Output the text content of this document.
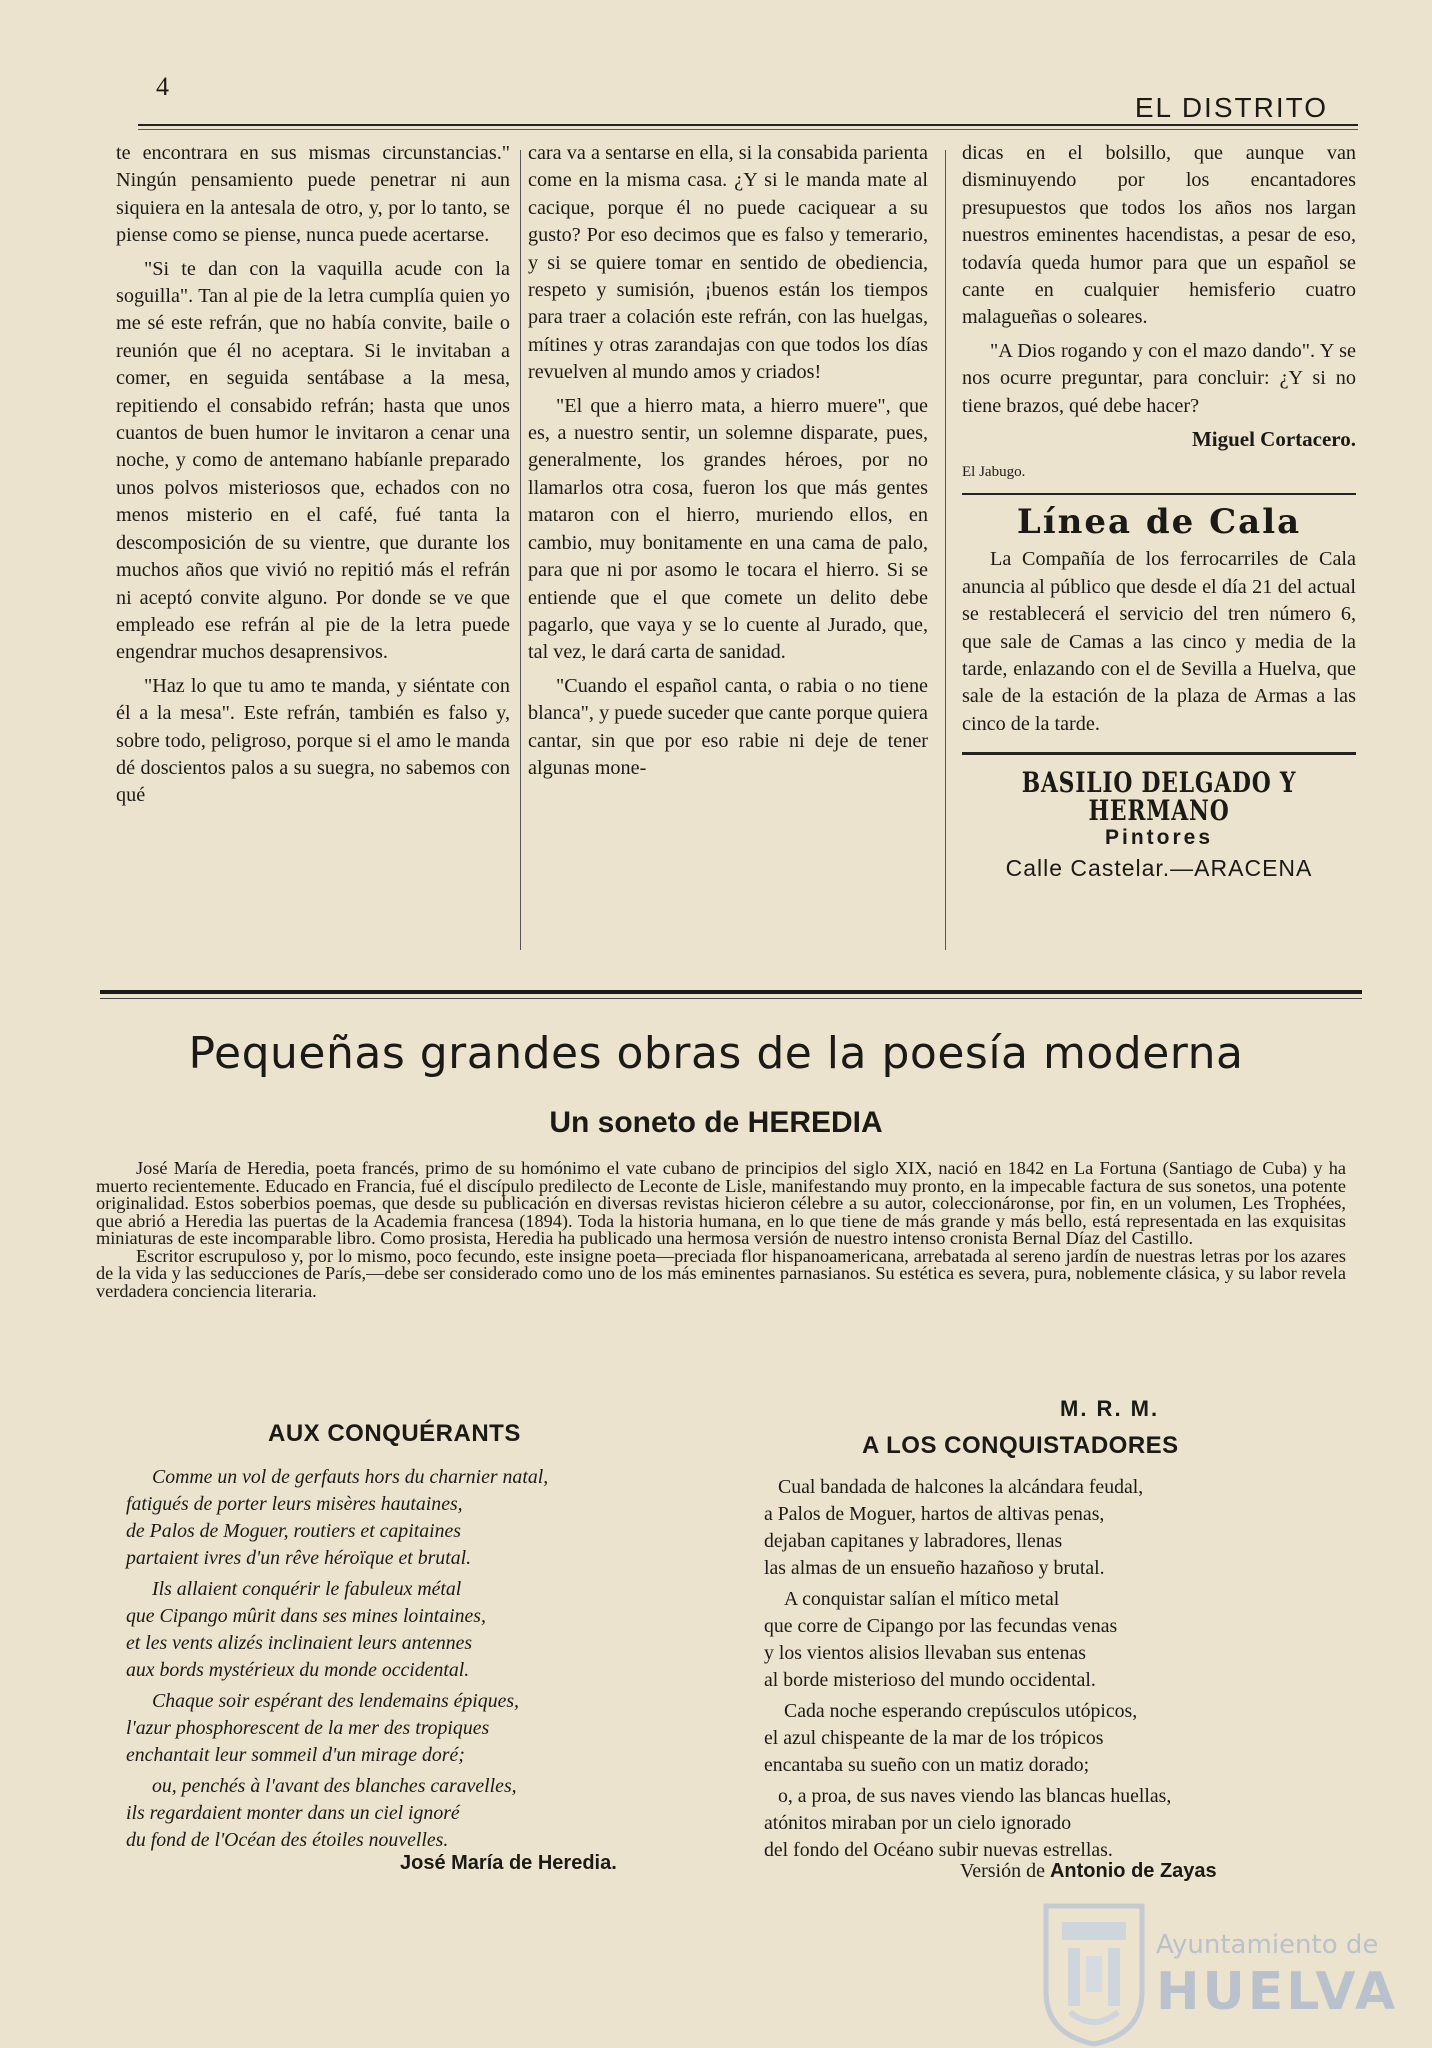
4
EL DISTRITO

te encontrara en sus mismas circunstancias." Ningún pensamiento puede penetrar ni aun siquiera en la antesala de otro, y, por lo tanto, se piense como se piense, nunca puede acertarse.

"Si te dan con la vaquilla acude con la soguilla". Tan al pie de la letra cumplía quien yo me sé este refrán, que no había convite, baile o reunión que él no aceptara. Si le invitaban a comer, en seguida sentábase a la mesa, repitiendo el consabido refrán; hasta que unos cuantos de buen humor le invitaron a cenar una noche, y como de antemano habíanle preparado unos polvos misteriosos que, echados con no menos misterio en el café, fué tanta la descomposición de su vientre, que durante los muchos años que vivió no repitió más el refrán ni aceptó convite alguno. Por donde se ve que empleado ese refrán al pie de la letra puede engendrar muchos desaprensivos.

"Haz lo que tu amo te manda, y siéntate con él a la mesa". Este refrán, también es falso y, sobre todo, peligroso, porque si el amo le manda dé doscientos palos a su suegra, no sabemos con qué

cara va a sentarse en ella, si la consabida parienta come en la misma casa. ¿Y si le manda mate al cacique, porque él no puede caciquear a su gusto? Por eso decimos que es falso y temerario, y si se quiere tomar en sentido de obediencia, respeto y sumisión, ¡buenos están los tiempos para traer a colación este refrán, con las huelgas, mítines y otras zarandajas con que todos los días revuelven al mundo amos y criados!

"El que a hierro mata, a hierro muere", que es, a nuestro sentir, un solemne disparate, pues, generalmente, los grandes héroes, por no llamarlos otra cosa, fueron los que más gentes mataron con el hierro, muriendo ellos, en cambio, muy bonitamente en una cama de palo, para que ni por asomo le tocara el hierro. Si se entiende que el que comete un delito debe pagarlo, que vaya y se lo cuente al Jurado, que, tal vez, le dará carta de sanidad.

"Cuando el español canta, o rabia o no tiene blanca", y puede suceder que cante porque quiera cantar, sin que por eso rabie ni deje de tener algunas mone-

dicas en el bolsillo, que aunque van disminuyendo por los encantadores presupuestos que todos los años nos largan nuestros eminentes hacendistas, a pesar de eso, todavía queda humor para que un español se cante en cualquier hemisferio cuatro malagueñas o soleares.

"A Dios rogando y con el mazo dando". Y se nos ocurre preguntar, para concluir: ¿Y si no tiene brazos, qué debe hacer?

Miguel Cortacero.

El Jabugo.

Línea de Cala

La Compañía de los ferrocarriles de Cala anuncia al público que desde el día 21 del actual se restablecerá el servicio del tren número 6, que sale de Camas a las cinco y media de la tarde, enlazando con el de Sevilla a Huelva, que sale de la estación de la plaza de Armas a las cinco de la tarde.

BASILIO DELGADO Y HERMANO
Pintores
Calle Castelar.—ARACENA
Pequeñas grandes obras de la poesía moderna
Un soneto de HEREDIA

José María de Heredia, poeta francés, primo de su homónimo el vate cubano de principios del siglo XIX, nació en 1842 en La Fortuna (Santiago de Cuba) y ha muerto recientemente. Educado en Francia, fué el discípulo predilecto de Leconte de Lisle, manifestando muy pronto, en la impecable factura de sus sonetos, una potente originalidad. Estos soberbios poemas, que desde su publicación en diversas revistas hicieron célebre a su autor, coleccionáronse, por fin, en un volumen, Les Trophées, que abrió a Heredia las puertas de la Academia francesa (1894). Toda la historia humana, en lo que tiene de más grande y más bello, está representada en las exquisitas miniaturas de este incomparable libro. Como prosista, Heredia ha publicado una hermosa versión de nuestro intenso cronista Bernal Díaz del Castillo.

Escritor escrupuloso y, por lo mismo, poco fecundo, este insigne poeta—preciada flor hispanoamericana, arrebatada al sereno jardín de nuestras letras por los azares de la vida y las seducciones de París,—debe ser considerado como uno de los más eminentes parnasianos. Su estética es severa, pura, noblemente clásica, y su labor revela verdadera conciencia literaria.

M. R. M.
AUX CONQUÉRANTS
Comme un vol de gerfauts hors du charnier natal,
fatigués de porter leurs misères hautaines,
de Palos de Moguer, routiers et capitaines
partaient ivres d'un rêve héroïque et brutal.
Ils allaient conquérir le fabuleux métal
que Cipango mûrit dans ses mines lointaines,
et les vents alizés inclinaient leurs antennes
aux bords mystérieux du monde occidental.
Chaque soir espérant des lendemains épiques,
l'azur phosphorescent de la mer des tropiques
enchantait leur sommeil d'un mirage doré;
ou, penchés à l'avant des blanches caravelles,
ils regardaient monter dans un ciel ignoré
du fond de l'Océan des étoiles nouvelles.
José María de Heredia.
A LOS CONQUISTADORES
Cual bandada de halcones la alcándara feudal,
a Palos de Moguer, hartos de altivas penas,
dejaban capitanes y labradores, llenas
las almas de un ensueño hazañoso y brutal.
A conquistar salían el mítico metal
que corre de Cipango por las fecundas venas
y los vientos alisios llevaban sus entenas
al borde misterioso del mundo occidental.
Cada noche esperando crepúsculos utópicos,
el azul chispeante de la mar de los trópicos
encantaba su sueño con un matiz dorado;
o, a proa, de sus naves viendo las blancas huellas,
atónitos miraban por un cielo ignorado
del fondo del Océano subir nuevas estrellas.
Versión de Antonio de Zayas
Ayuntamiento de
HUELVA
